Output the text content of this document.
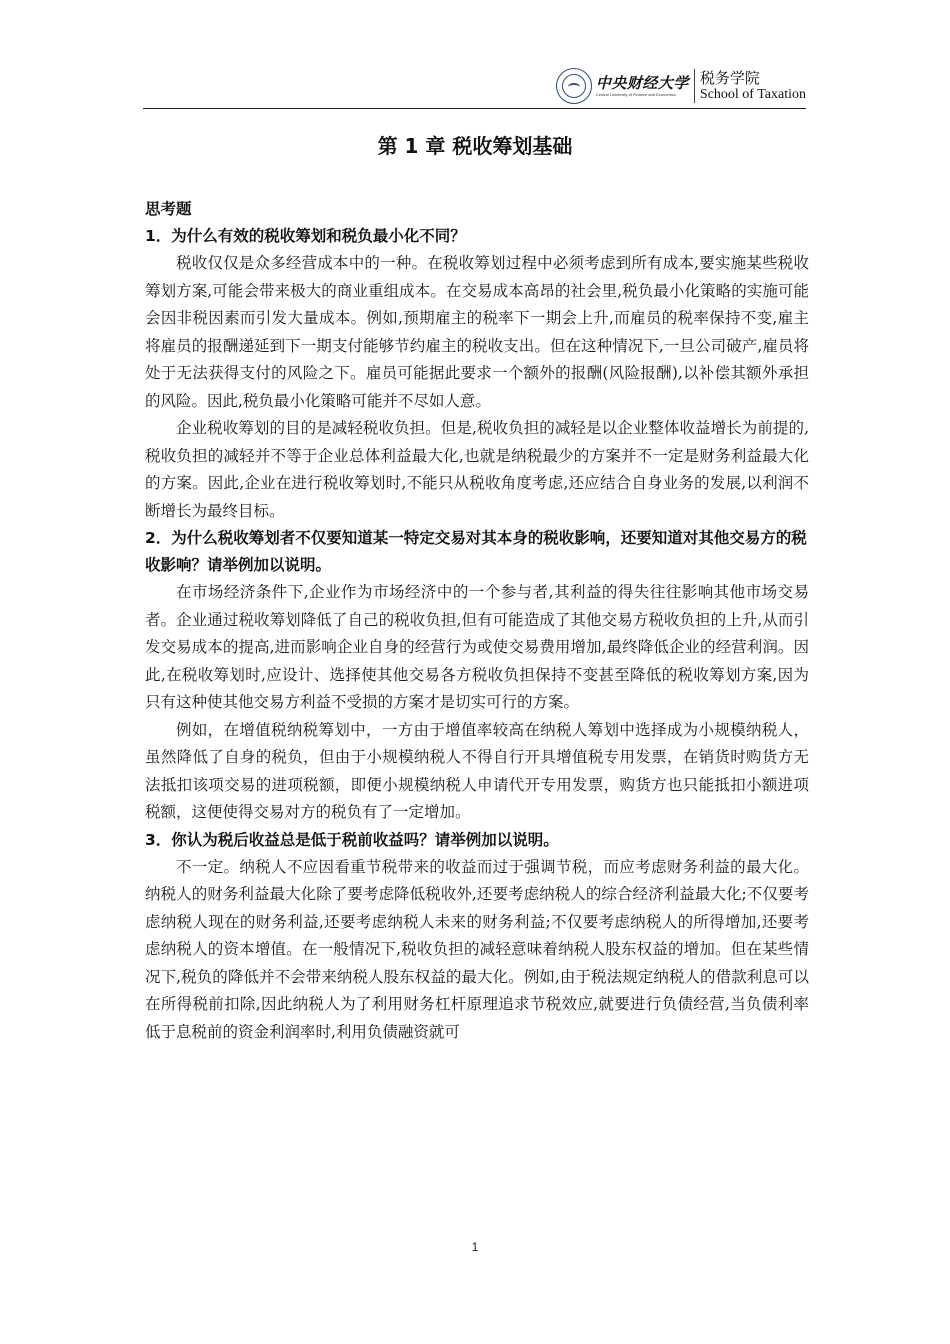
中央财经大学
Central University of Finance and Economics
税务学院
School of Taxation
第 1 章 税收筹划基础

思考题

1．为什么有效的税收筹划和税负最小化不同？

税收仅仅是众多经营成本中的一种。在税收筹划过程中必须考虑到所有成本,要实施某些税收筹划方案,可能会带来极大的商业重组成本。在交易成本高昂的社会里,税负最小化策略的实施可能会因非税因素而引发大量成本。例如,预期雇主的税率下一期会上升,而雇员的税率保持不变,雇主将雇员的报酬递延到下一期支付能够节约雇主的税收支出。但在这种情况下,一旦公司破产,雇员将处于无法获得支付的风险之下。雇员可能据此要求一个额外的报酬(风险报酬),以补偿其额外承担的风险。因此,税负最小化策略可能并不尽如人意。

企业税收筹划的目的是减轻税收负担。但是,税收负担的减轻是以企业整体收益增长为前提的,税收负担的减轻并不等于企业总体利益最大化,也就是纳税最少的方案并不一定是财务利益最大化的方案。因此,企业在进行税收筹划时,不能只从税收角度考虑,还应结合自身业务的发展,以利润不断增长为最终目标。

2．为什么税收筹划者不仅要知道某一特定交易对其本身的税收影响，还要知道对其他交易方的税收影响？请举例加以说明。

在市场经济条件下,企业作为市场经济中的一个参与者,其利益的得失往往影响其他市场交易者。企业通过税收筹划降低了自己的税收负担,但有可能造成了其他交易方税收负担的上升,从而引发交易成本的提高,进而影响企业自身的经营行为或使交易费用增加,最终降低企业的经营利润。因此,在税收筹划时,应设计、选择使其他交易各方税收负担保持不变甚至降低的税收筹划方案,因为只有这种使其他交易方利益不受损的方案才是切实可行的方案。

例如，在增值税纳税筹划中，一方由于增值率较高在纳税人筹划中选择成为小规模纳税人，虽然降低了自身的税负，但由于小规模纳税人不得自行开具增值税专用发票，在销货时购货方无法抵扣该项交易的进项税额，即便小规模纳税人申请代开专用发票，购货方也只能抵扣小额进项税额，这便使得交易对方的税负有了一定增加。

3．你认为税后收益总是低于税前收益吗？请举例加以说明。

不一定。纳税人不应因看重节税带来的收益而过于强调节税，而应考虑财务利益的最大化。纳税人的财务利益最大化除了要考虑降低税收外,还要考虑纳税人的综合经济利益最大化;不仅要考虑纳税人现在的财务利益,还要考虑纳税人未来的财务利益;不仅要考虑纳税人的所得增加,还要考虑纳税人的资本增值。在一般情况下,税收负担的减轻意味着纳税人股东权益的增加。但在某些情况下,税负的降低并不会带来纳税人股东权益的最大化。例如,由于税法规定纳税人的借款利息可以在所得税前扣除,因此纳税人为了利用财务杠杆原理追求节税效应,就要进行负债经营,当负债利率低于息税前的资金利润率时,利用负债融资就可

1
